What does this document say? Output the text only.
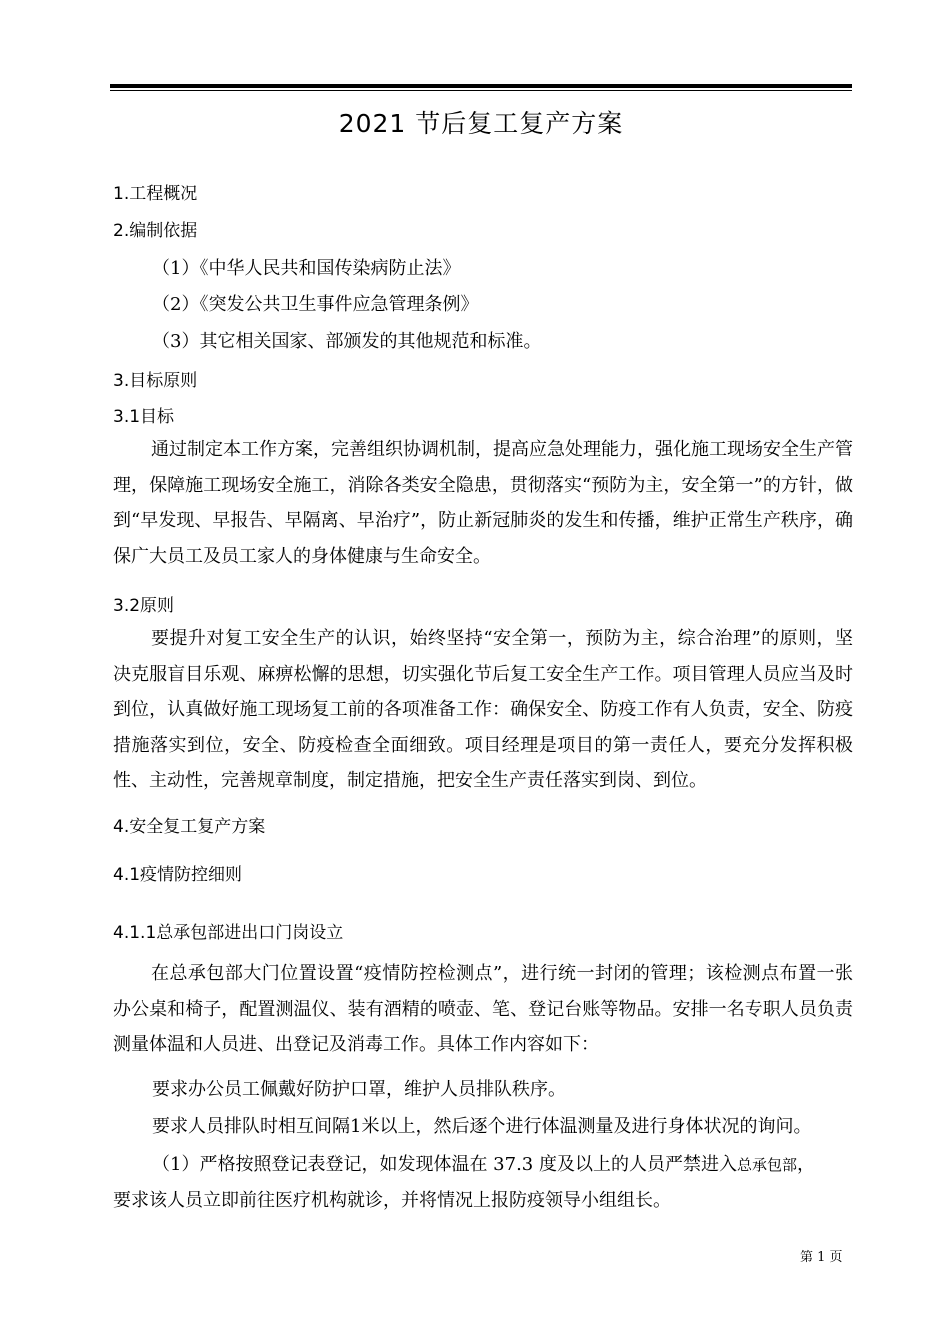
2021 节后复工复产方案
1.工程概况
2.编制依据
（1）《中华人民共和国传染病防止法》
（2）《突发公共卫生事件应急管理条例》
（3）其它相关国家、部颁发的其他规范和标准。
3.目标原则
3.1目标

通过制定本工作方案，完善组织协调机制，提高应急处理能力，强化施工现场安全生产管理，保障施工现场安全施工，消除各类安全隐患，贯彻落实“预防为主，安全第一”的方针，做到“早发现、早报告、早隔离、早治疗”，防止新冠肺炎的发生和传播，维护正常生产秩序，确保广大员工及员工家人的身体健康与生命安全。

3.2原则

要提升对复工安全生产的认识，始终坚持“安全第一，预防为主，综合治理”的原则，坚决克服盲目乐观、麻痹松懈的思想，切实强化节后复工安全生产工作。项目管理人员应当及时到位，认真做好施工现场复工前的各项准备工作：确保安全、防疫工作有人负责，安全、防疫措施落实到位，安全、防疫检查全面细致。项目经理是项目的第一责任人，要充分发挥积极性、主动性，完善规章制度，制定措施，把安全生产责任落实到岗、到位。

4.安全复工复产方案
4.1疫情防控细则
4.1.1总承包部进出口门岗设立

在总承包部大门位置设置“疫情防控检测点”，进行统一封闭的管理；该检测点布置一张办公桌和椅子，配置测温仪、装有酒精的喷壶、笔、登记台账等物品。安排一名专职人员负责测量体温和人员进、出登记及消毒工作。具体工作内容如下：

要求办公员工佩戴好防护口罩，维护人员排队秩序。
要求人员排队时相互间隔1米以上，然后逐个进行体温测量及进行身体状况的询问。
（1）严格按照登记表登记，如发现体温在 37.3 度及以上的人员严禁进入总承包部，
要求该人员立即前往医疗机构就诊，并将情况上报防疫领导小组组长。
第 1 页
